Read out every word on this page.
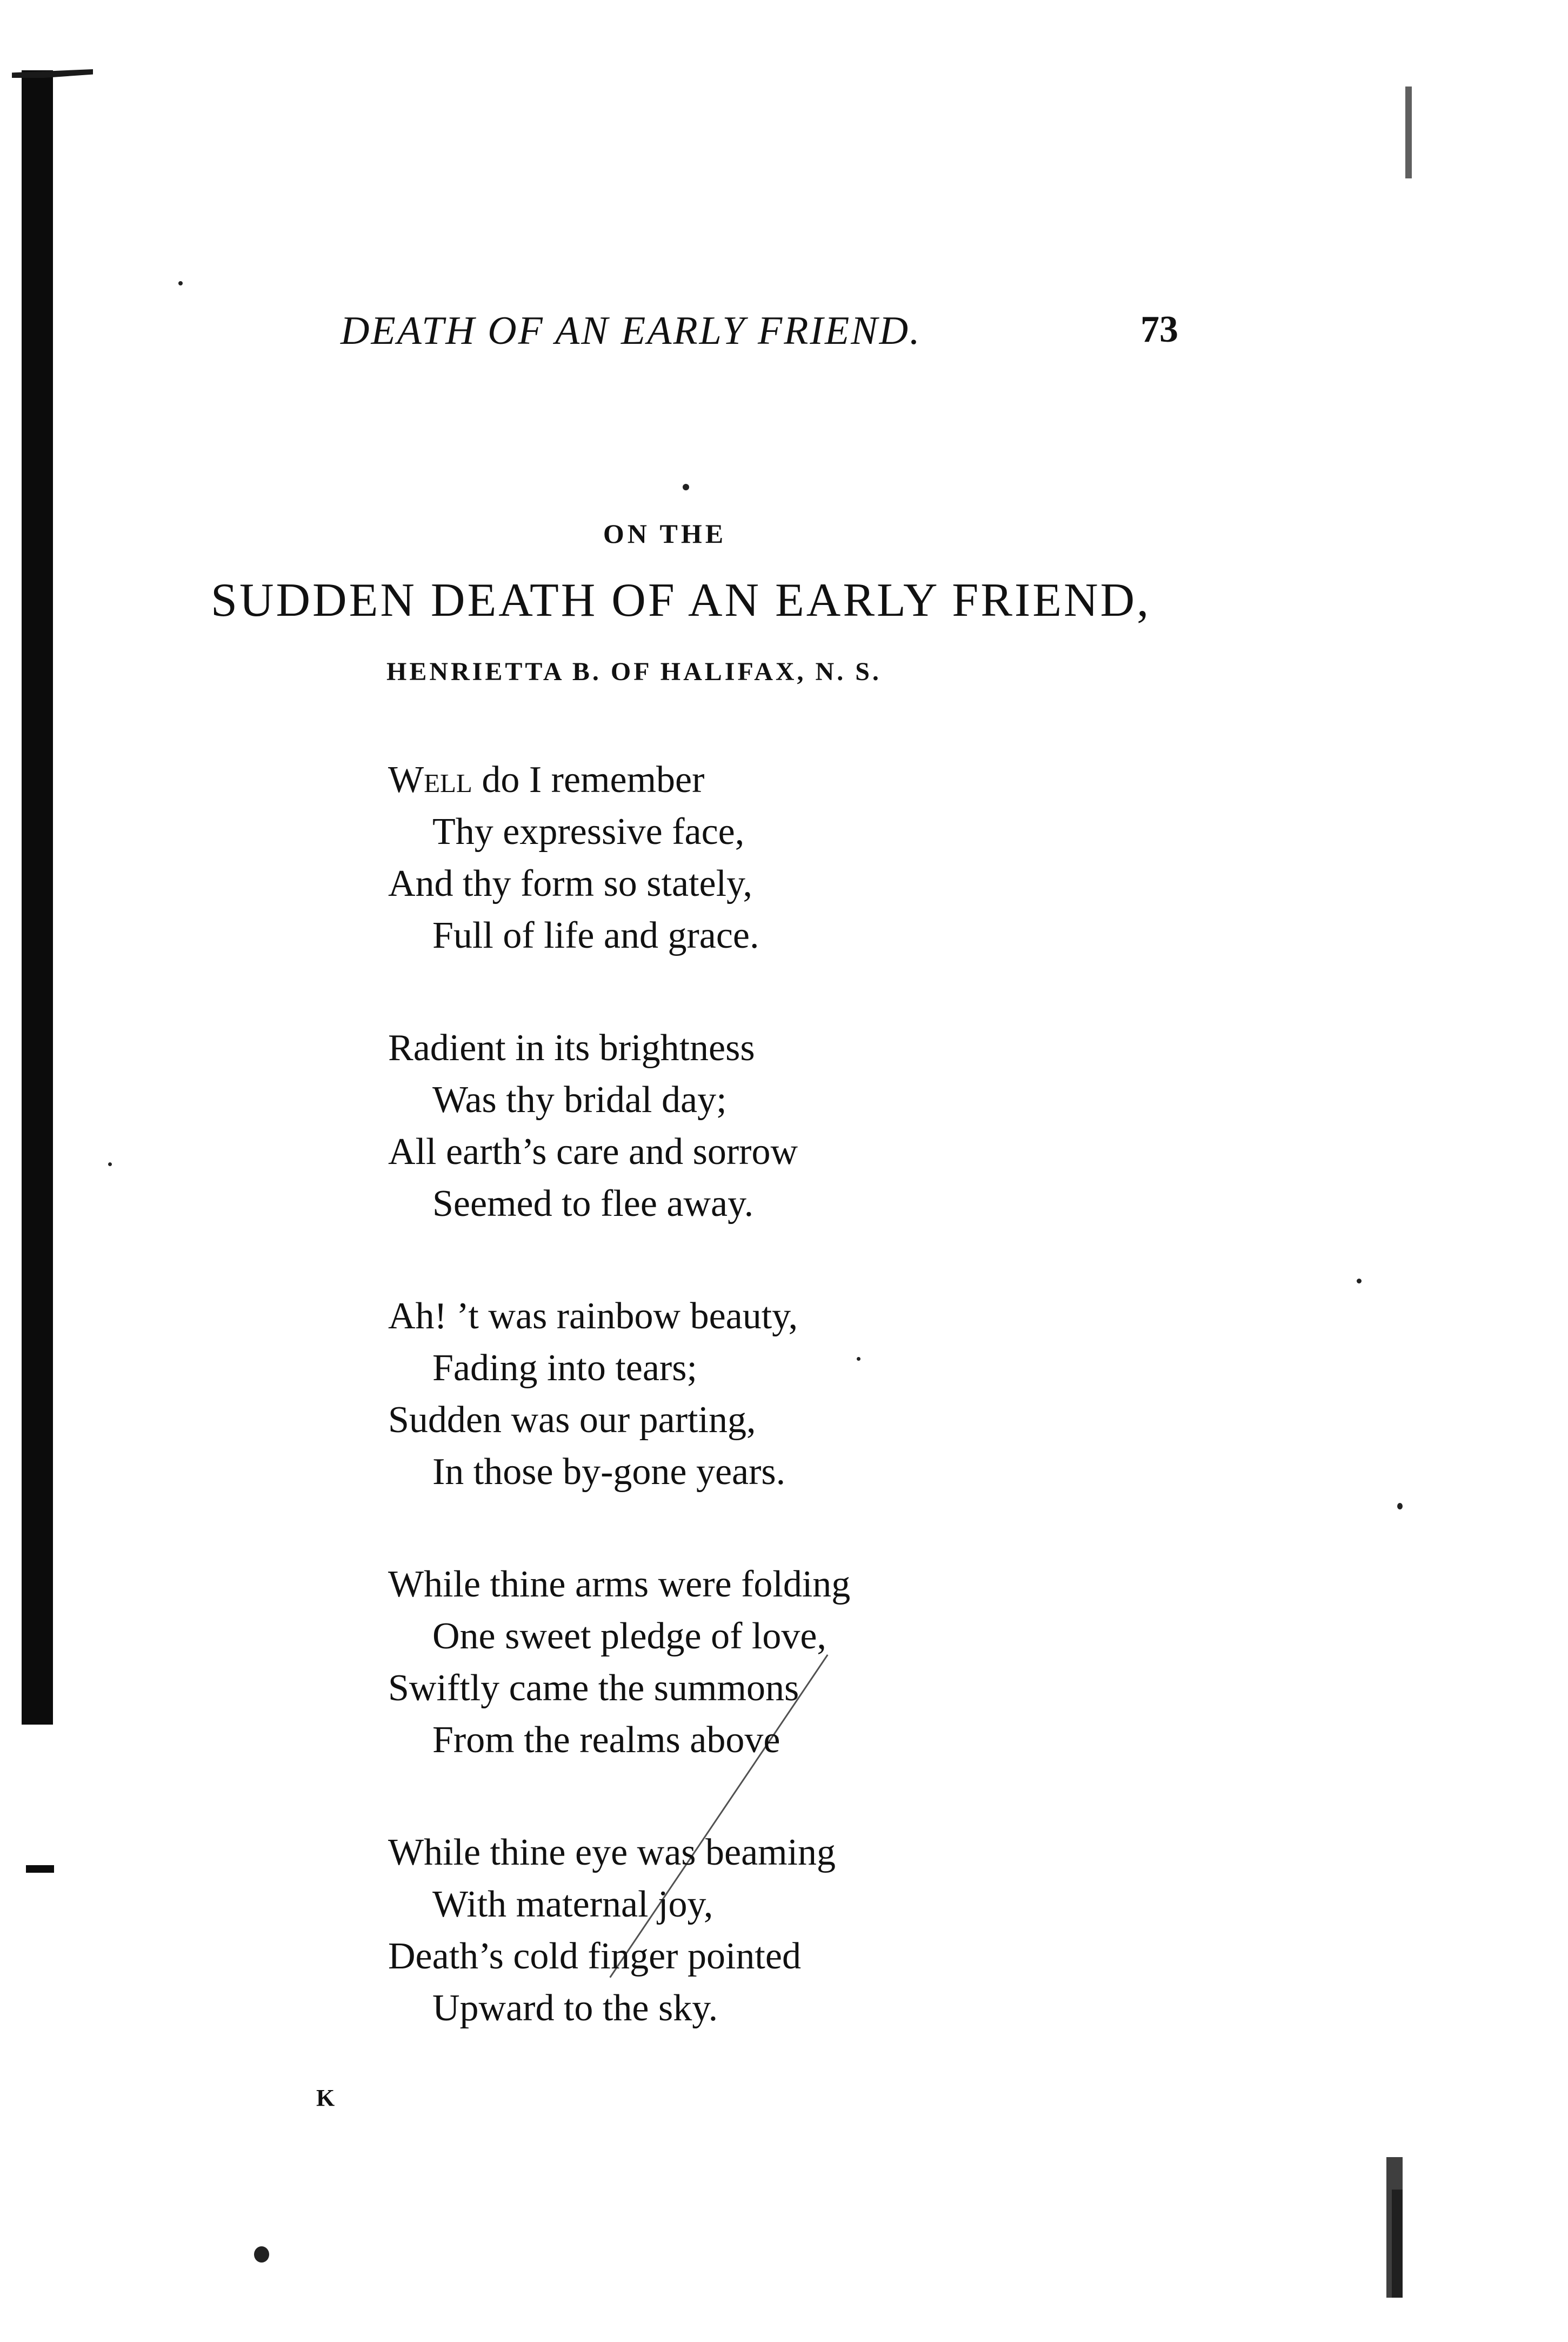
DEATH OF AN EARLY FRIEND.	73
ON THE
SUDDEN DEATH OF AN EARLY FRIEND,
HENRIETTA B. OF HALIFAX, N. S.
Well do I remember
Thy expressive face,
And thy form so stately,
Full of life and grace.
Radient in its brightness
Was thy bridal day;
All earth’s care and sorrow
Seemed to flee away.
Ah! ’t was rainbow beauty,
Fading into tears;
Sudden was our parting,
In those by-gone years.
While thine arms were folding
One sweet pledge of love,
Swiftly came the summons
From the realms above
While thine eye was beaming
With maternal joy,
Death’s cold finger pointed
Upward to the sky.
K
